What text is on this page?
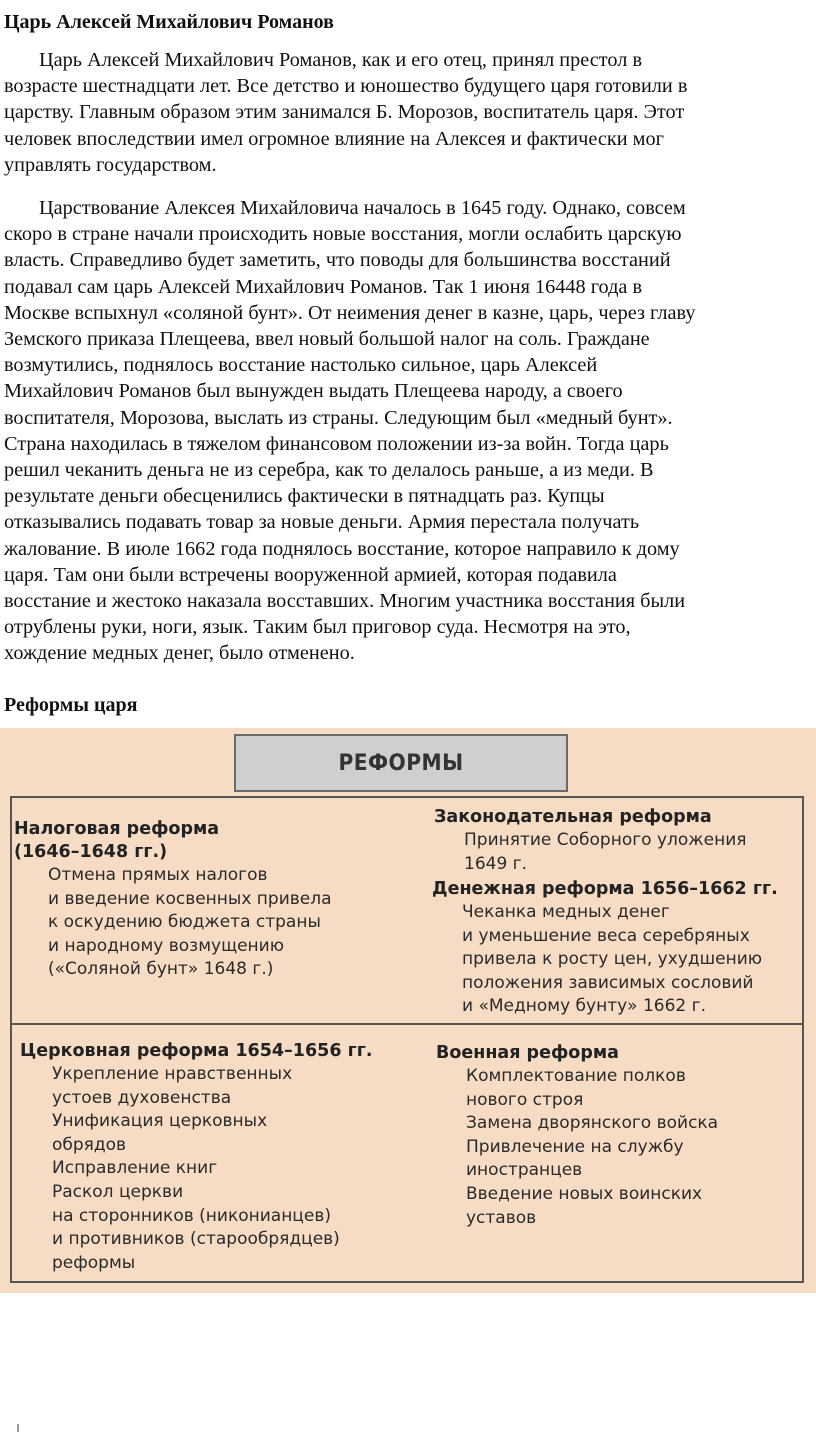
Царь Алексей Михайлович Романов
Царь Алексей Михайлович Романов, как и его отец, принял престол в
возрасте шестнадцати лет. Все детство и юношество будущего царя готовили в
царству. Главным образом этим занимался Б. Морозов, воспитатель царя. Этот
человек впоследствии имел огромное влияние на Алексея и фактически мог
управлять государством.
Царствование Алексея Михайловича началось в 1645 году. Однако, совсем
скоро в стране начали происходить новые восстания, могли ослабить царскую
власть. Справедливо будет заметить, что поводы для большинства восстаний
подавал сам царь Алексей Михайлович Романов. Так 1 июня 16448 года в
Москве вспыхнул «соляной бунт». От неимения денег в казне, царь, через главу
Земского приказа Плещеева, ввел новый большой налог на соль. Граждане
возмутились, поднялось восстание настолько сильное, царь Алексей
Михайлович Романов был вынужден выдать Плещеева народу, а своего
воспитателя, Морозова, выслать из страны. Следующим был «медный бунт».
Страна находилась в тяжелом финансовом положении из-за войн. Тогда царь
решил чеканить деньга не из серебра, как то делалось раньше, а из меди. В
результате деньги обесценились фактически в пятнадцать раз. Купцы
отказывались подавать товар за новые деньги. Армия перестала получать
жалование. В июле 1662 года поднялось восстание, которое направило к дому
царя. Там они были встречены вооруженной армией, которая подавила
восстание и жестоко наказала восставших. Многим участника восстания были
отрублены руки, ноги, язык. Таким был приговор суда. Несмотря на это,
хождение медных денег, было отменено.
Реформы царя
РЕФОРМЫ
Налоговая реформа
(1646–1648 гг.)
Отмена прямых налогов
и введение косвенных привела
к оскудению бюджета страны
и народному возмущению
(«Соляной бунт» 1648 г.)
Законодательная реформа
Принятие Соборного уложения
1649 г.
Денежная реформа 1656–1662 гг.
Чеканка медных денег
и уменьшение веса серебряных
привела к росту цен, ухудшению
положения зависимых сословий
и «Медному бунту» 1662 г.
Церковная реформа 1654–1656 гг.
Укрепление нравственных
устоев духовенства
Унификация церковных
обрядов
Исправление книг
Раскол церкви
на сторонников (никонианцев)
и противников (старообрядцев)
реформы
Военная реформа
Комплектование полков
нового строя
Замена дворянского войска
Привлечение на службу
иностранцев
Введение новых воинских
уставов
